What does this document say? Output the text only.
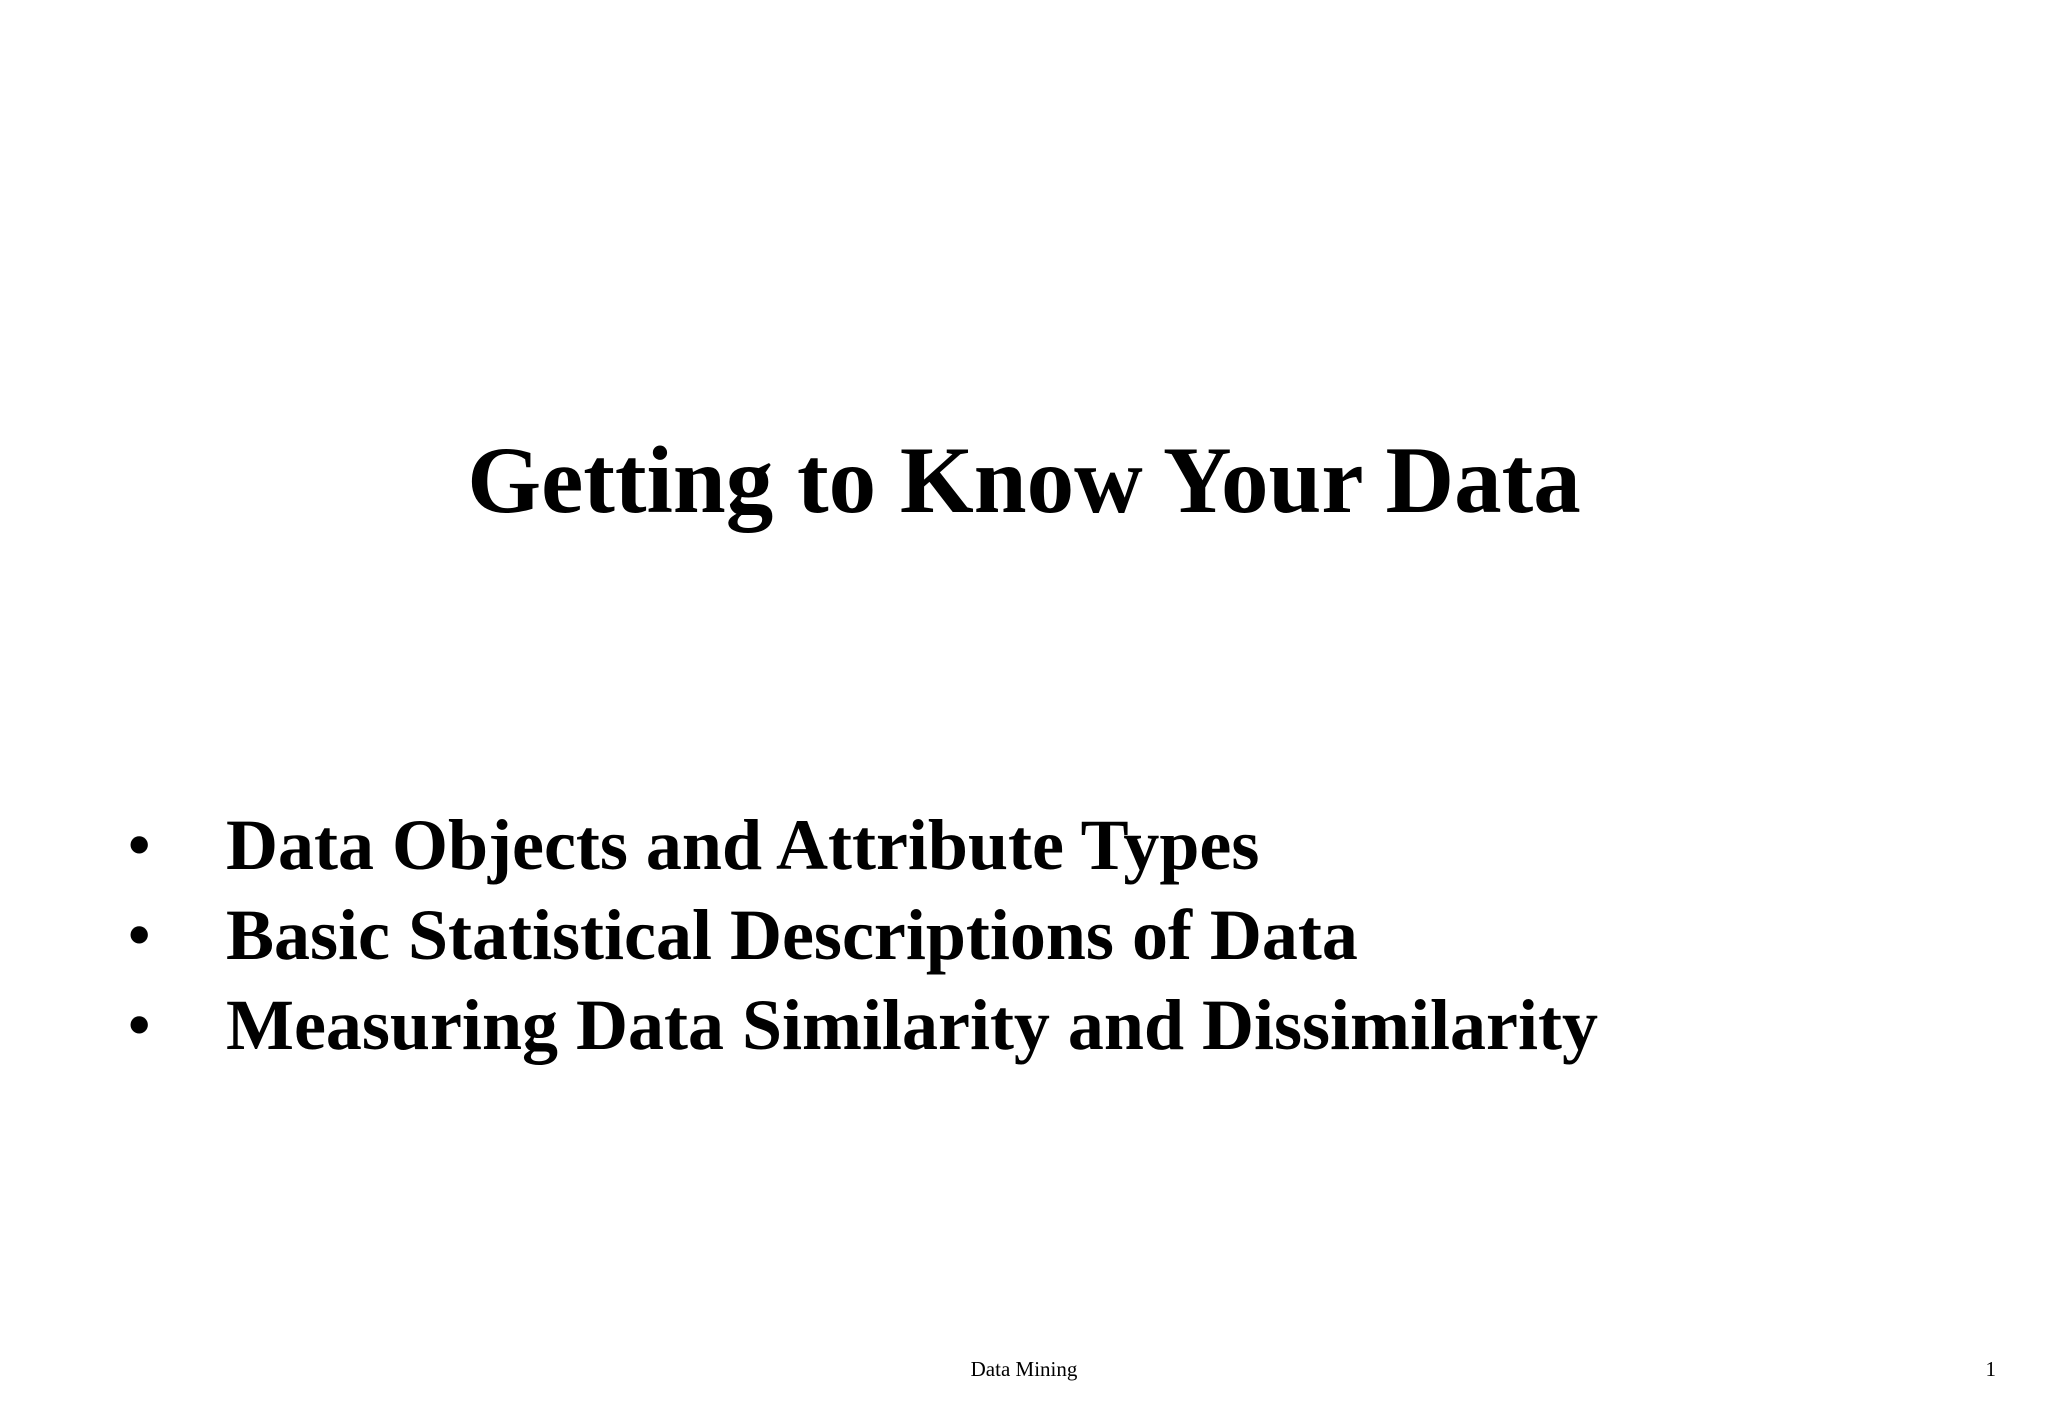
Getting to Know Your Data
• Data Objects and Attribute Types
• Basic Statistical Descriptions of Data
• Measuring Data Similarity and Dissimilarity
Data Mining	1
